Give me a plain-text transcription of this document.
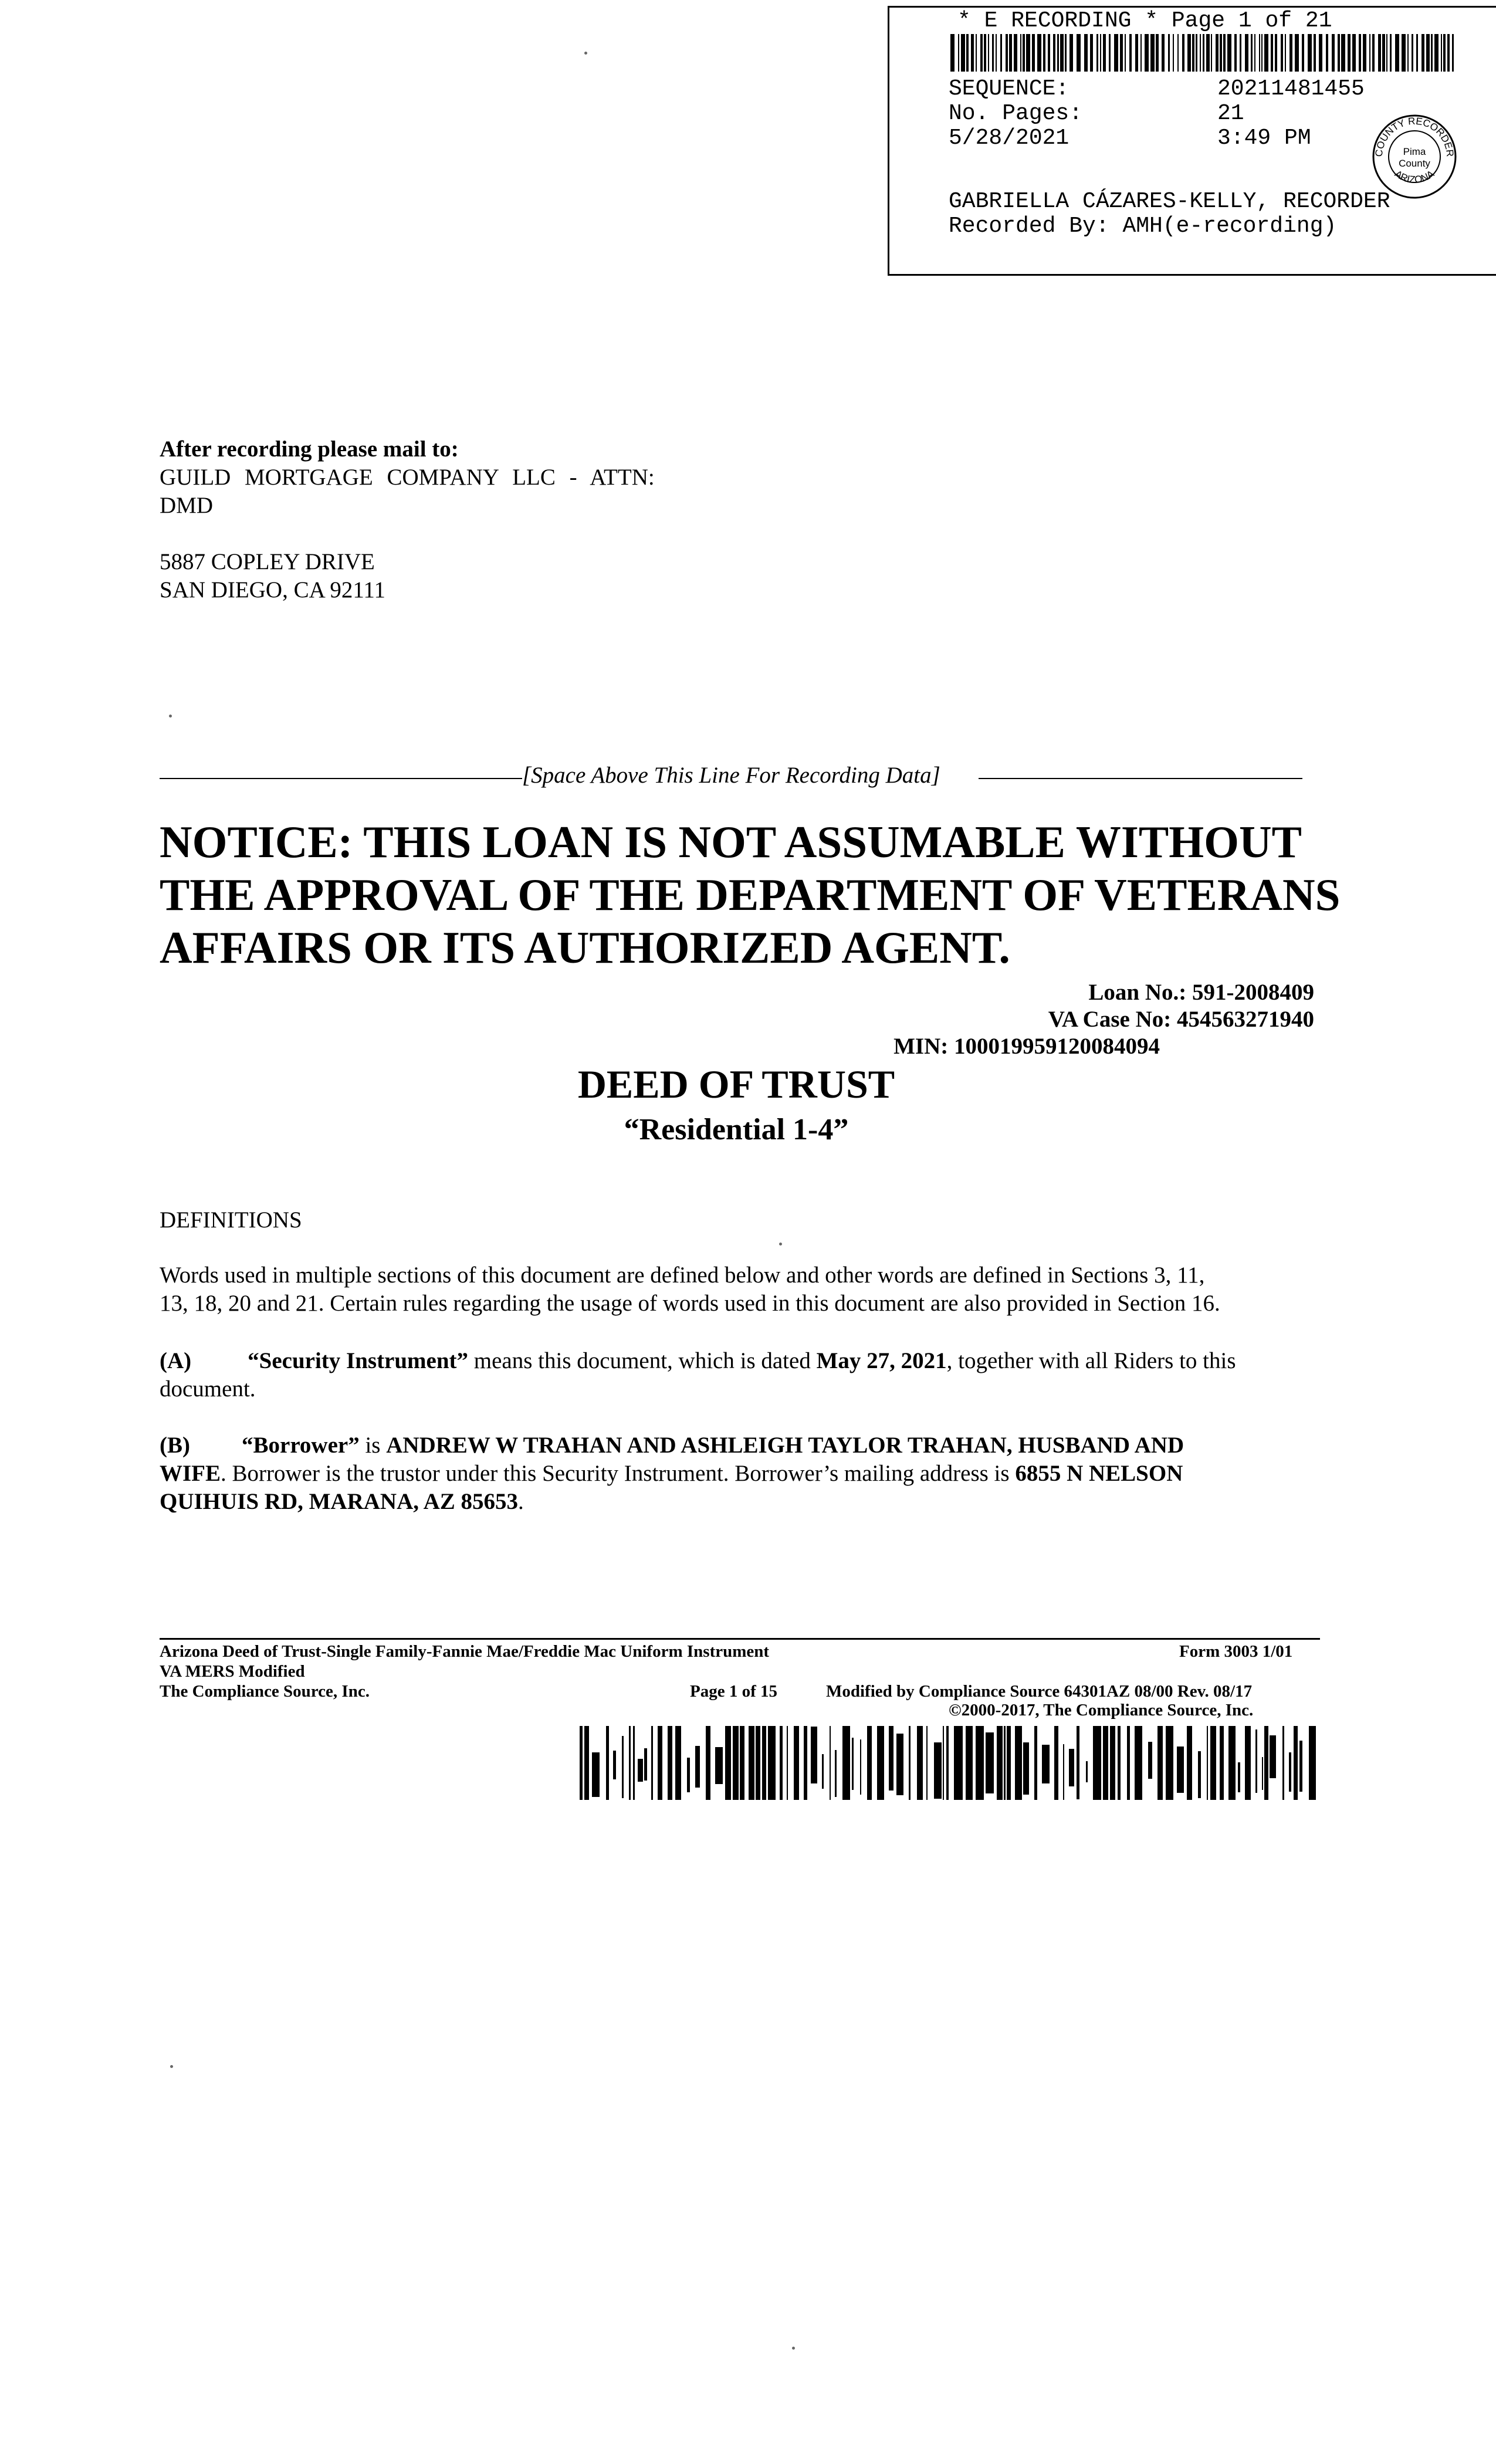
* E RECORDING * Page 1 of 21
SEQUENCE:	20211481455
No. Pages:	21
5/28/2021	3:49 PM
COUNTY RECORDER
ARIZONA
Pima
County
GABRIELLA CÁZARES-KELLY, RECORDER
Recorded By: AMH(e-recording)
After recording please mail to:
GUILD MORTGAGE COMPANY LLC - ATTN:
DMD
5887 COPLEY DRIVE
SAN DIEGO, CA 92111
[Space Above This Line For Recording Data]
NOTICE: THIS LOAN IS NOT ASSUMABLE WITHOUT
THE APPROVAL OF THE DEPARTMENT OF VETERANS
AFFAIRS OR ITS AUTHORIZED AGENT.
Loan No.: 591-2008409
VA Case No: 454563271940
MIN: 100019959120084094
DEED OF TRUST
“Residential 1-4”
DEFINITIONS
Words used in multiple sections of this document are defined below and other words are defined in Sections 3, 11,
13, 18, 20 and 21. Certain rules regarding the usage of words used in this document are also provided in Section 16.
(A) “Security Instrument” means this document, which is dated May 27, 2021, together with all Riders to this
document.
(B) “Borrower” is ANDREW W TRAHAN AND ASHLEIGH TAYLOR TRAHAN, HUSBAND AND
WIFE. Borrower is the trustor under this Security Instrument. Borrower’s mailing address is 6855 N NELSON
QUIHUIS RD, MARANA, AZ 85653.
Arizona Deed of Trust-Single Family-Fannie Mae/Freddie Mac Uniform Instrument	Form 3003 1/01
VA MERS Modified
The Compliance Source, Inc.	Page 1 of 15	Modified by Compliance Source 64301AZ 08/00 Rev. 08/17
©2000-2017, The Compliance Source, Inc.
